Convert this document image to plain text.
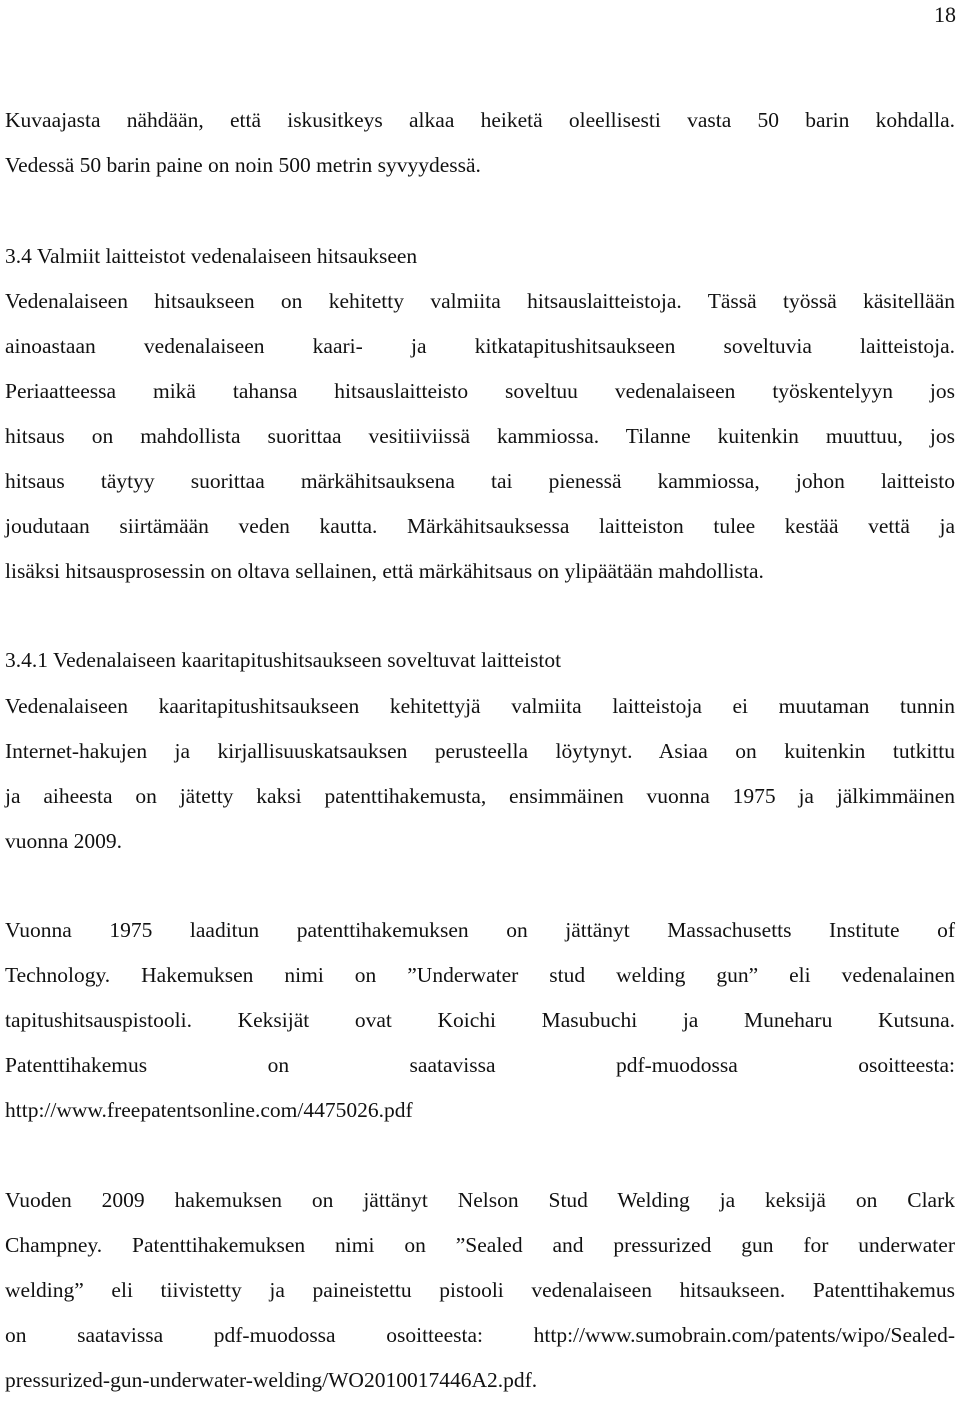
18
Kuvaajasta nähdään, että iskusitkeys alkaa heiketä oleellisesti vasta 50 barin kohdalla.
Vedessä 50 barin paine on noin 500 metrin syvyydessä.
3.4 Valmiit laitteistot vedenalaiseen hitsaukseen
Vedenalaiseen hitsaukseen on kehitetty valmiita hitsauslaitteistoja. Tässä työssä käsitellään
ainoastaan vedenalaiseen kaari- ja kitkatapitushitsaukseen soveltuvia laitteistoja.
Periaatteessa mikä tahansa hitsauslaitteisto soveltuu vedenalaiseen työskentelyyn jos
hitsaus on mahdollista suorittaa vesitiiviissä kammiossa. Tilanne kuitenkin muuttuu, jos
hitsaus täytyy suorittaa märkähitsauksena tai pienessä kammiossa, johon laitteisto
joudutaan siirtämään veden kautta. Märkähitsauksessa laitteiston tulee kestää vettä ja
lisäksi hitsausprosessin on oltava sellainen, että märkähitsaus on ylipäätään mahdollista.
3.4.1 Vedenalaiseen kaaritapitushitsaukseen soveltuvat laitteistot
Vedenalaiseen kaaritapitushitsaukseen kehitettyjä valmiita laitteistoja ei muutaman tunnin
Internet-hakujen ja kirjallisuuskatsauksen perusteella löytynyt. Asiaa on kuitenkin tutkittu
ja aiheesta on jätetty kaksi patenttihakemusta, ensimmäinen vuonna 1975 ja jälkimmäinen
vuonna 2009.
Vuonna 1975 laaditun patenttihakemuksen on jättänyt Massachusetts Institute of
Technology. Hakemuksen nimi on ”Underwater stud welding gun” eli vedenalainen
tapitushitsauspistooli. Keksijät ovat Koichi Masubuchi ja Muneharu Kutsuna.
Patenttihakemus on saatavissa pdf-muodossa osoitteesta:
http://www.freepatentsonline.com/4475026.pdf
Vuoden 2009 hakemuksen on jättänyt Nelson Stud Welding ja keksijä on Clark
Champney. Patenttihakemuksen nimi on ”Sealed and pressurized gun for underwater
welding” eli tiivistetty ja paineistettu pistooli vedenalaiseen hitsaukseen. Patenttihakemus
on saatavissa pdf-muodossa osoitteesta: http://www.sumobrain.com/patents/wipo/Sealed-
pressurized-gun-underwater-welding/WO2010017446A2.pdf.
